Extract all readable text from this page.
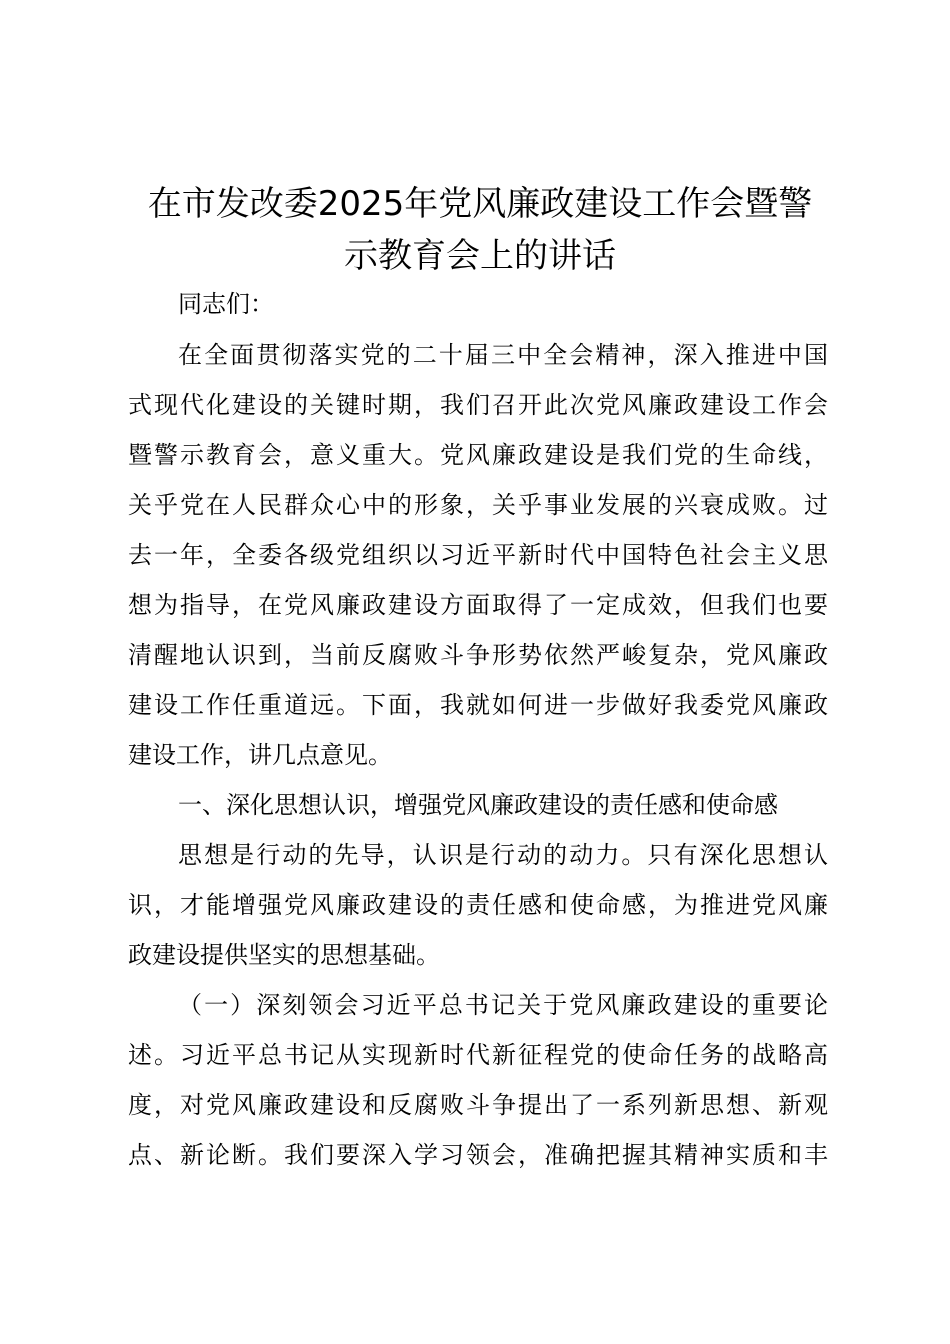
在市发改委2025年党风廉政建设工作会暨警
示教育会上的讲话
同志们：
在全面贯彻落实党的二十届三中全会精神，深入推进中国
式现代化建设的关键时期，我们召开此次党风廉政建设工作会
暨警示教育会，意义重大。党风廉政建设是我们党的生命线，
关乎党在人民群众心中的形象，关乎事业发展的兴衰成败。过
去一年，全委各级党组织以习近平新时代中国特色社会主义思
想为指导，在党风廉政建设方面取得了一定成效，但我们也要
清醒地认识到，当前反腐败斗争形势依然严峻复杂，党风廉政
建设工作任重道远。下面，我就如何进一步做好我委党风廉政
建设工作，讲几点意见。
一、深化思想认识，增强党风廉政建设的责任感和使命感
思想是行动的先导，认识是行动的动力。只有深化思想认
识，才能增强党风廉政建设的责任感和使命感，为推进党风廉
政建设提供坚实的思想基础。
（一）深刻领会习近平总书记关于党风廉政建设的重要论
述。习近平总书记从实现新时代新征程党的使命任务的战略高
度，对党风廉政建设和反腐败斗争提出了一系列新思想、新观
点、新论断。我们要深入学习领会，准确把握其精神实质和丰
